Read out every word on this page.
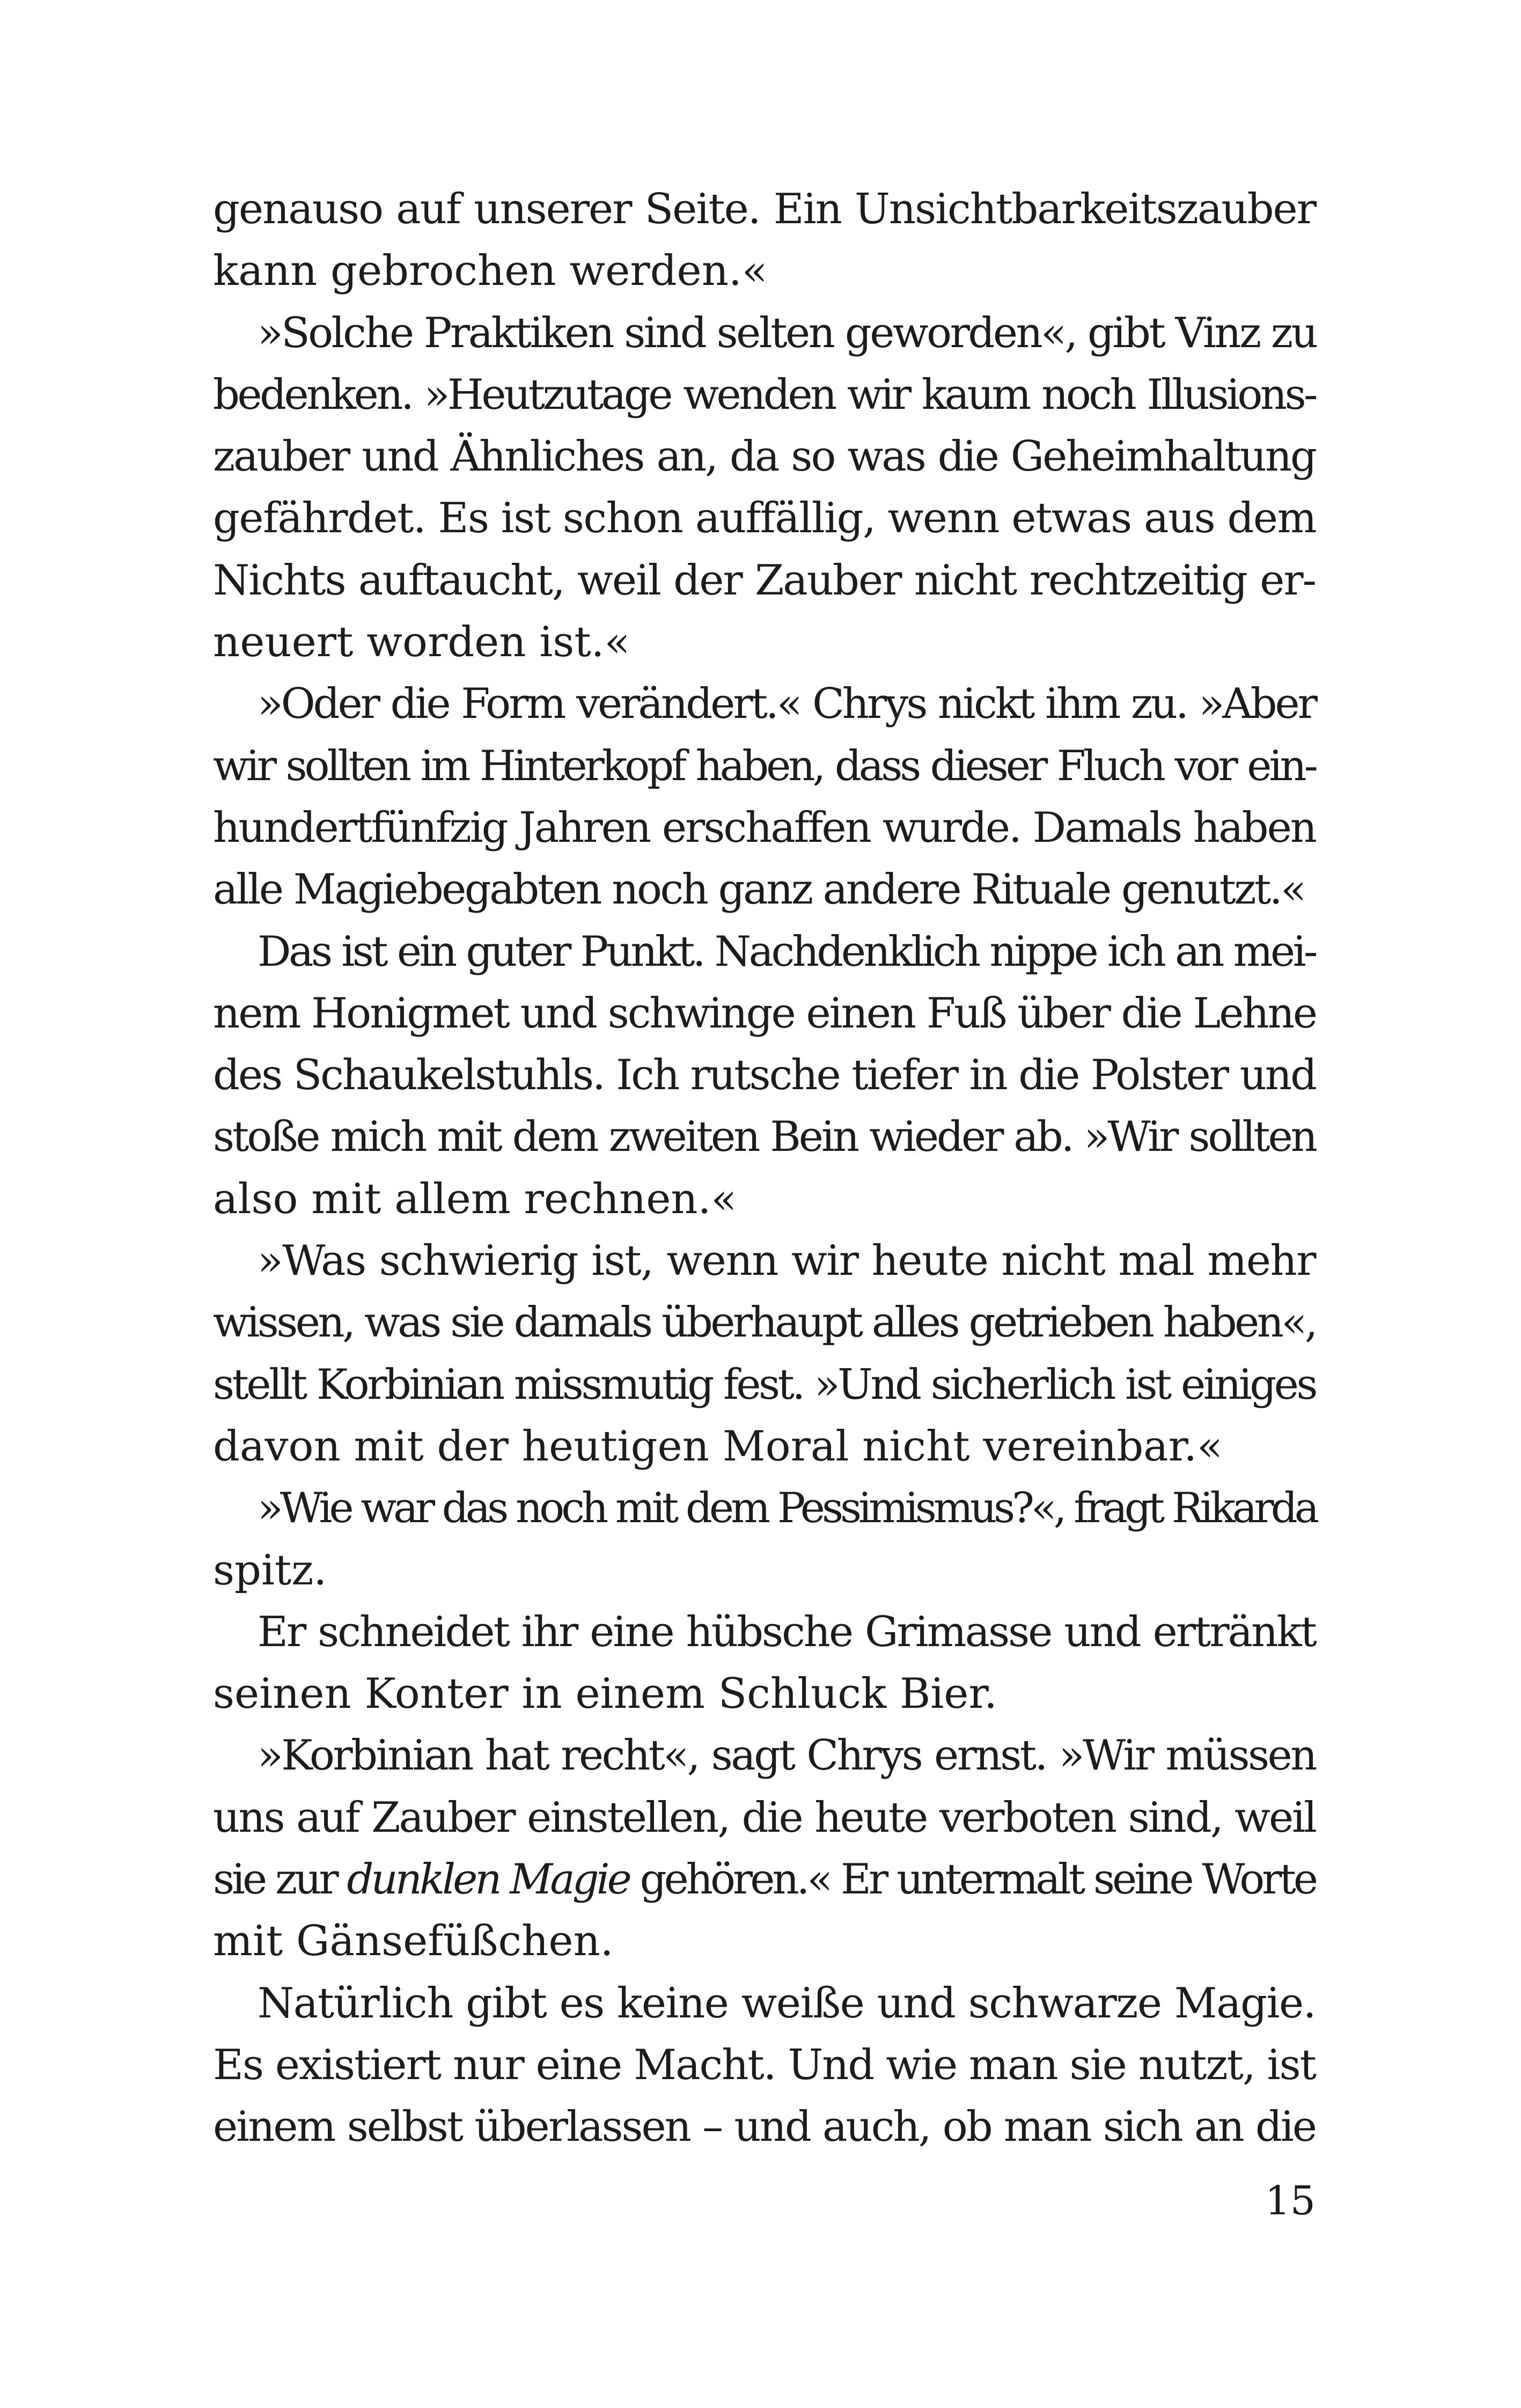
genauso auf unserer Seite. Ein Unsichtbarkeitszauber
kann gebrochen werden.«
»Solche Praktiken sind selten geworden«, gibt Vinz zu
bedenken. »Heutzutage wenden wir kaum noch Illusions-
zauber und Ähnliches an, da so was die Geheimhaltung
gefährdet. Es ist schon auffällig, wenn etwas aus dem
Nichts auftaucht, weil der Zauber nicht rechtzeitig er-
neuert worden ist.«
»Oder die Form verändert.« Chrys nickt ihm zu. »Aber
wir sollten im Hinterkopf haben, dass dieser Fluch vor ein-
hundertfünfzig Jahren erschaffen wurde. Damals haben
alle Magiebegabten noch ganz andere Rituale genutzt.«
Das ist ein guter Punkt. Nachdenklich nippe ich an mei-
nem Honigmet und schwinge einen Fuß über die Lehne
des Schaukelstuhls. Ich rutsche tiefer in die Polster und
stoße mich mit dem zweiten Bein wieder ab. »Wir sollten
also mit allem rechnen.«
»Was schwierig ist, wenn wir heute nicht mal mehr
wissen, was sie damals überhaupt alles getrieben haben«,
stellt Korbinian missmutig fest. »Und sicherlich ist einiges
davon mit der heutigen Moral nicht vereinbar.«
»Wie war das noch mit dem Pessimismus?«, fragt Rikarda
spitz.
Er schneidet ihr eine hübsche Grimasse und ertränkt
seinen Konter in einem Schluck Bier.
»Korbinian hat recht«, sagt Chrys ernst. »Wir müssen
uns auf Zauber einstellen, die heute verboten sind, weil
sie zur dunklen Magie gehören.« Er untermalt seine Worte
mit Gänsefüßchen.
Natürlich gibt es keine weiße und schwarze Magie.
Es existiert nur eine Macht. Und wie man sie nutzt, ist
einem selbst überlassen – und auch, ob man sich an die
15
